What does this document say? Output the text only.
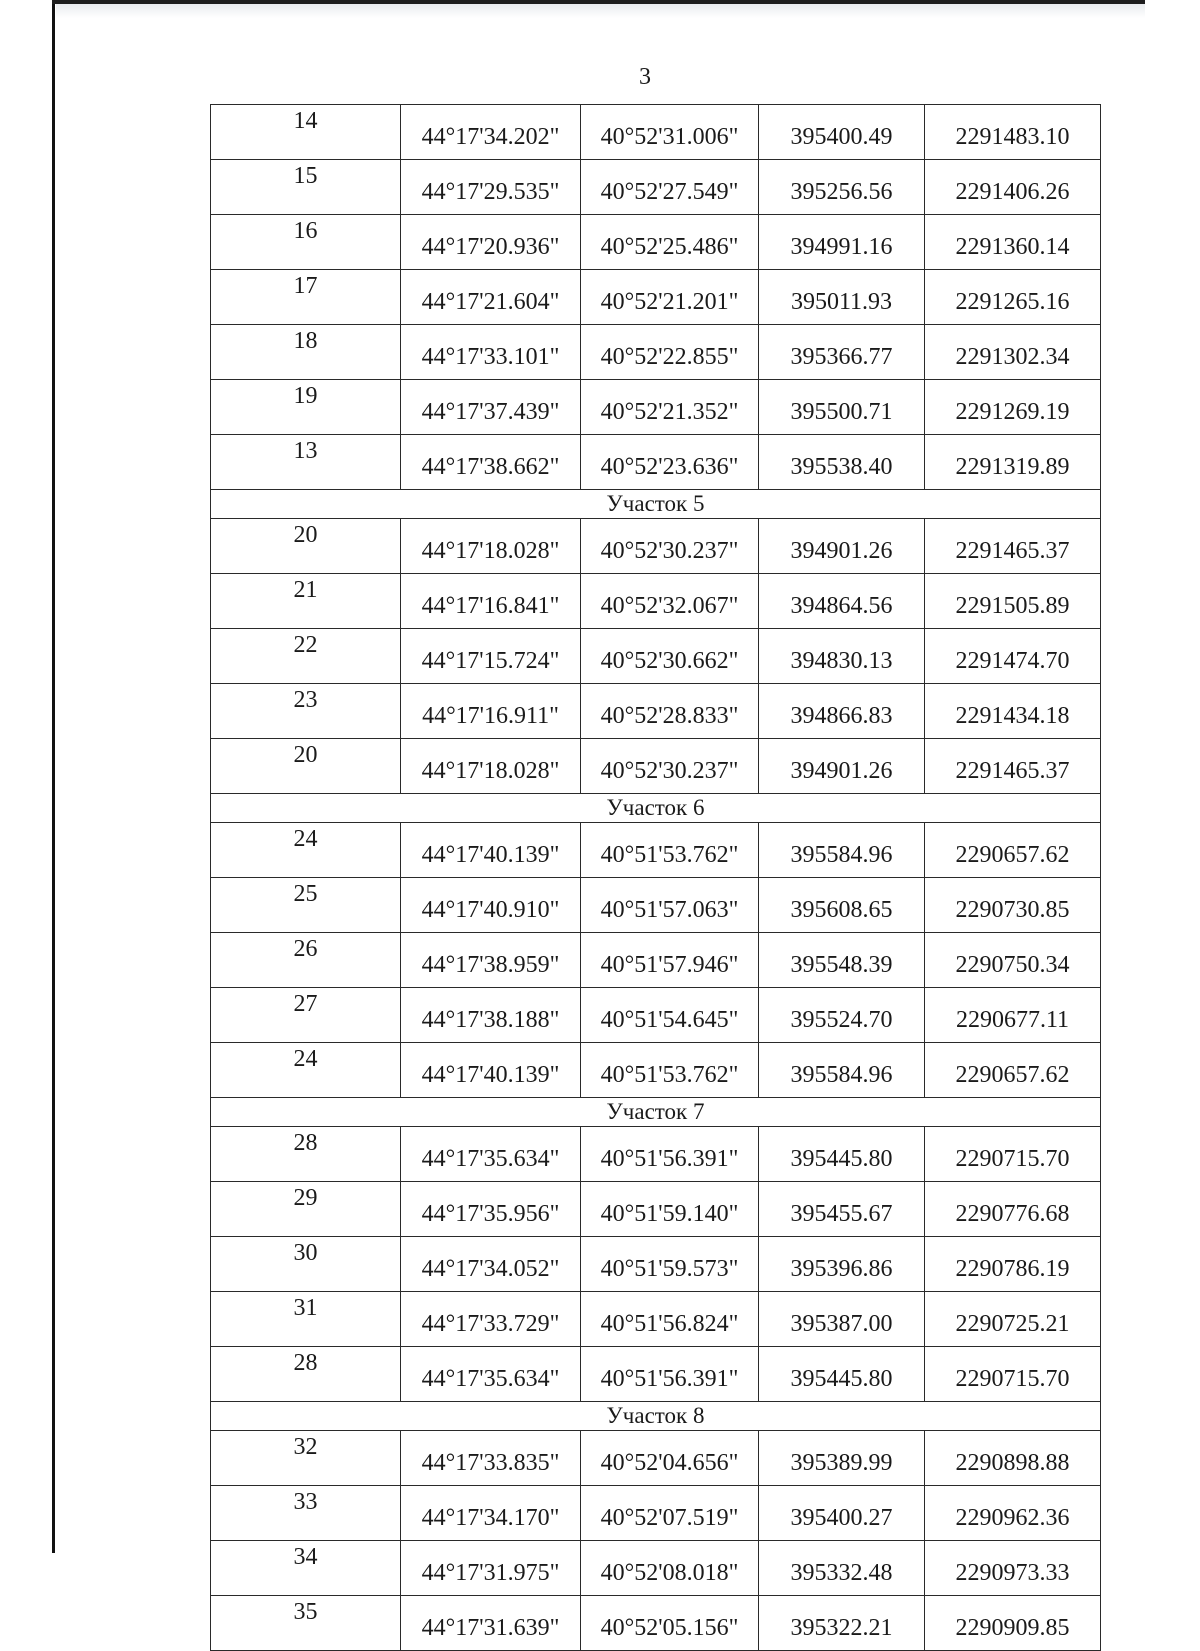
3
14	44°17'34.202"	40°52'31.006"	395400.49	2291483.10
15	44°17'29.535"	40°52'27.549"	395256.56	2291406.26
16	44°17'20.936"	40°52'25.486"	394991.16	2291360.14
17	44°17'21.604"	40°52'21.201"	395011.93	2291265.16
18	44°17'33.101"	40°52'22.855"	395366.77	2291302.34
19	44°17'37.439"	40°52'21.352"	395500.71	2291269.19
13	44°17'38.662"	40°52'23.636"	395538.40	2291319.89
Участок 5				
20	44°17'18.028"	40°52'30.237"	394901.26	2291465.37
21	44°17'16.841"	40°52'32.067"	394864.56	2291505.89
22	44°17'15.724"	40°52'30.662"	394830.13	2291474.70
23	44°17'16.911"	40°52'28.833"	394866.83	2291434.18
20	44°17'18.028"	40°52'30.237"	394901.26	2291465.37
Участок 6				
24	44°17'40.139"	40°51'53.762"	395584.96	2290657.62
25	44°17'40.910"	40°51'57.063"	395608.65	2290730.85
26	44°17'38.959"	40°51'57.946"	395548.39	2290750.34
27	44°17'38.188"	40°51'54.645"	395524.70	2290677.11
24	44°17'40.139"	40°51'53.762"	395584.96	2290657.62
Участок 7				
28	44°17'35.634"	40°51'56.391"	395445.80	2290715.70
29	44°17'35.956"	40°51'59.140"	395455.67	2290776.68
30	44°17'34.052"	40°51'59.573"	395396.86	2290786.19
31	44°17'33.729"	40°51'56.824"	395387.00	2290725.21
28	44°17'35.634"	40°51'56.391"	395445.80	2290715.70
Участок 8				
32	44°17'33.835"	40°52'04.656"	395389.99	2290898.88
33	44°17'34.170"	40°52'07.519"	395400.27	2290962.36
34	44°17'31.975"	40°52'08.018"	395332.48	2290973.33
35	44°17'31.639"	40°52'05.156"	395322.21	2290909.85
